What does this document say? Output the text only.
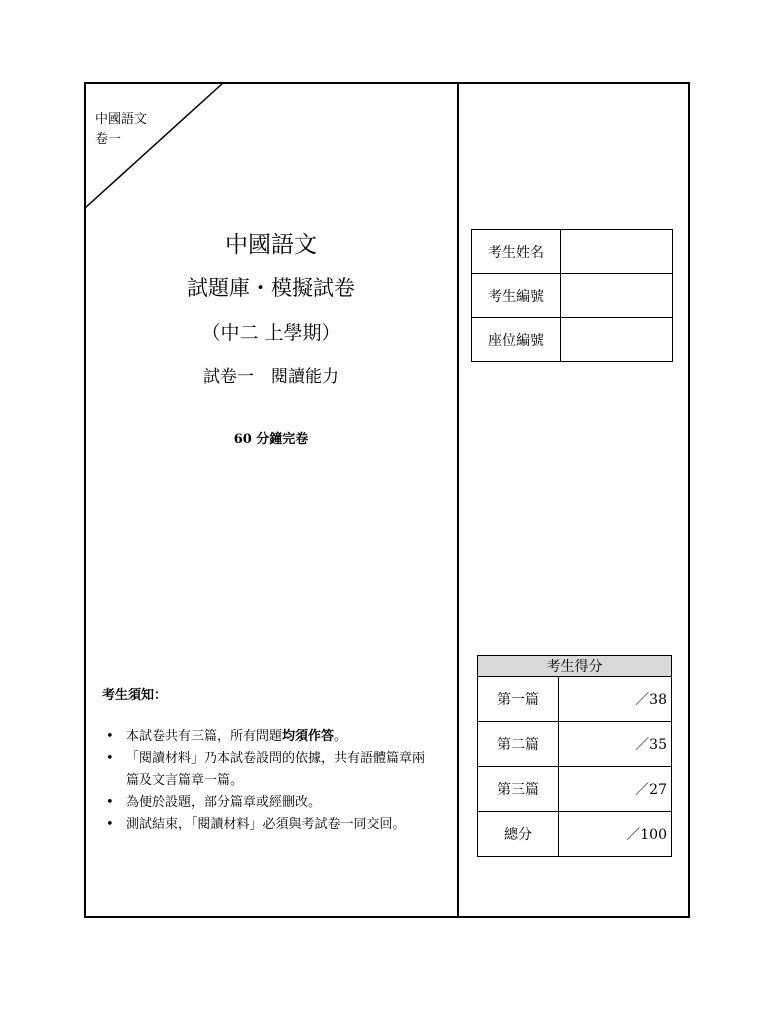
中國語文
卷一
中國語文
試題庫・模擬試卷
（中二 上學期）
試卷一　閱讀能力
60 分鐘完卷
考生姓名	
考生編號	
座位編號	
考生須知：
• 本試卷共有三篇，所有問題均須作答。
• 「閱讀材料」乃本試卷設問的依據，共有語體篇章兩篇及文言篇章一篇。
• 為便於設題，部分篇章或經刪改。
• 測試結束，「閱讀材料」必須與考試卷一同交回。
考生得分	
第一篇	／38
第二篇	／35
第三篇	／27
總分	／100
